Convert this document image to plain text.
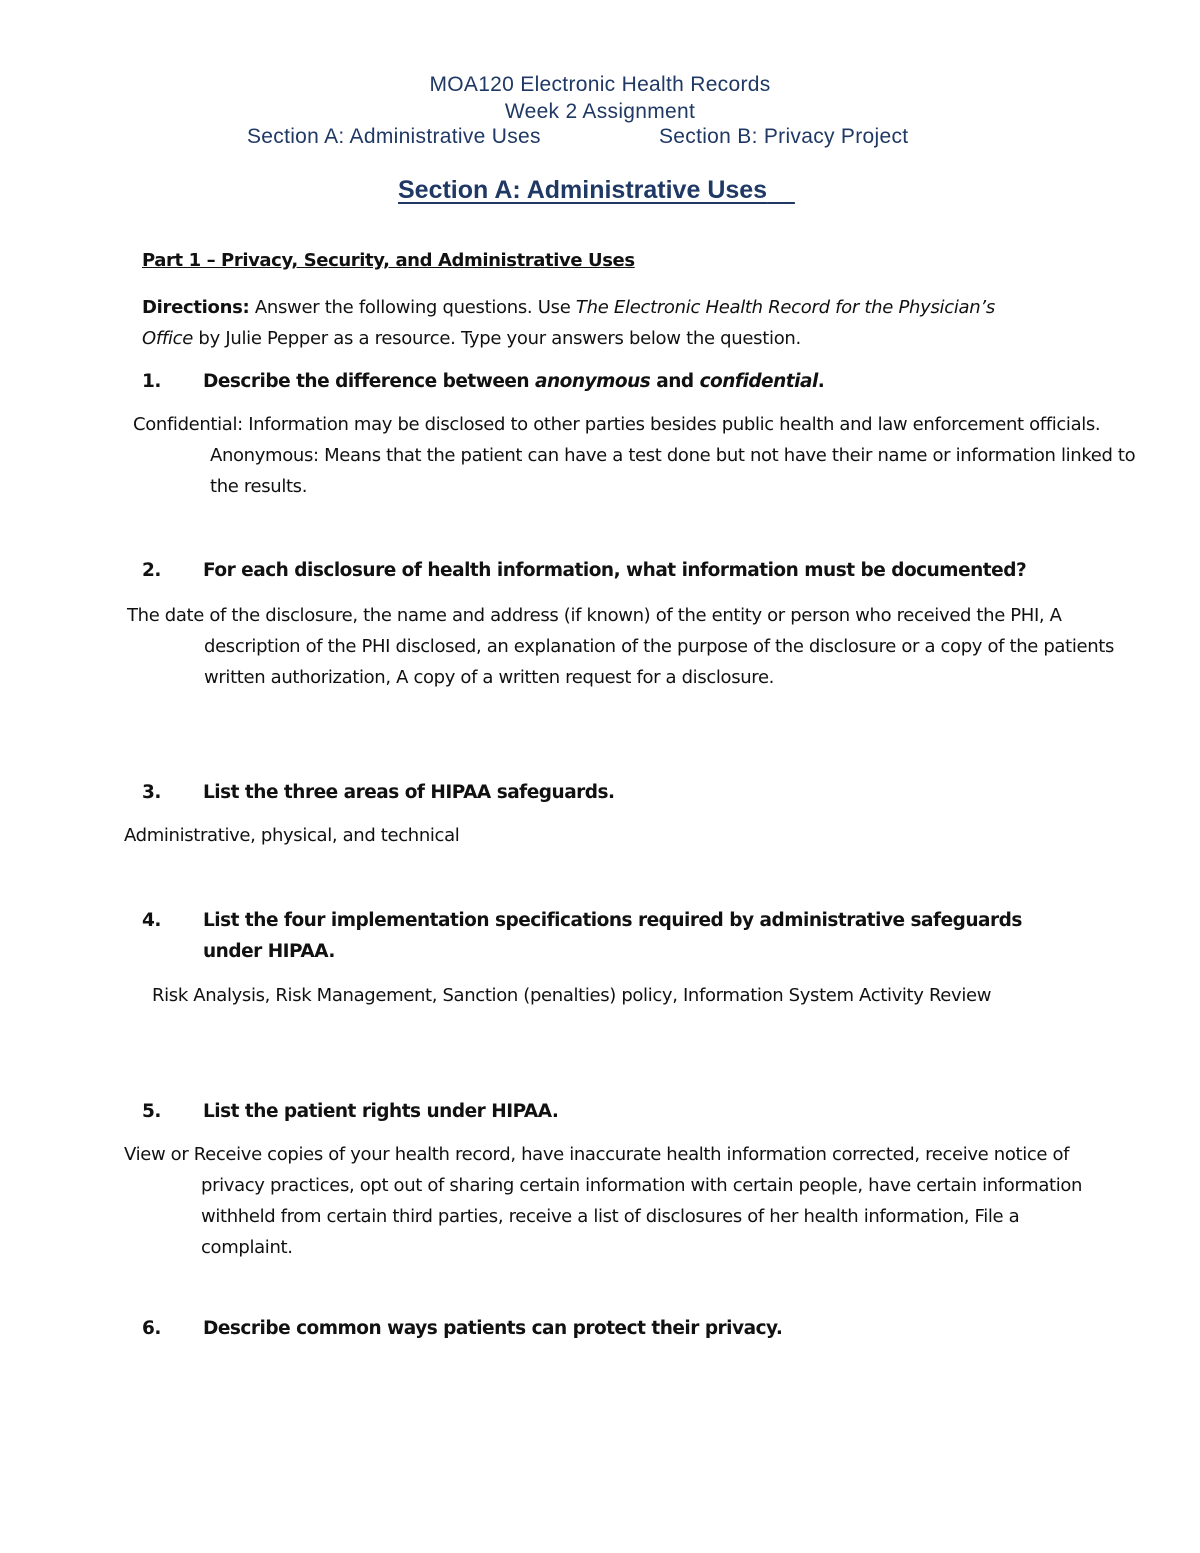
MOA120 Electronic Health Records
Week 2 Assignment
Section A: Administrative Uses	Section B: Privacy Project
Section A: Administrative Uses
Part 1 – Privacy, Security, and Administrative Uses
Directions: Answer the following questions. Use The Electronic Health Record for the Physician’s Office by Julie Pepper as a resource. Type your answers below the question.
1. Describe the difference between anonymous and confidential.
Confidential: Information may be disclosed to other parties besides public health and law enforcement officials. Anonymous: Means that the patient can have a test done but not have their name or information linked to the results.
2. For each disclosure of health information, what information must be documented?
The date of the disclosure, the name and address (if known) of the entity or person who received the PHI, A description of the PHI disclosed, an explanation of the purpose of the disclosure or a copy of the patients written authorization, A copy of a written request for a disclosure.
3. List the three areas of HIPAA safeguards.
Administrative, physical, and technical
4. List the four implementation specifications required by administrative safeguards under HIPAA.
Risk Analysis, Risk Management, Sanction (penalties) policy, Information System Activity Review
5. List the patient rights under HIPAA.
View or Receive copies of your health record, have inaccurate health information corrected, receive notice of privacy practices, opt out of sharing certain information with certain people, have certain information withheld from certain third parties, receive a list of disclosures of her health information, File a complaint.
6. Describe common ways patients can protect their privacy.
